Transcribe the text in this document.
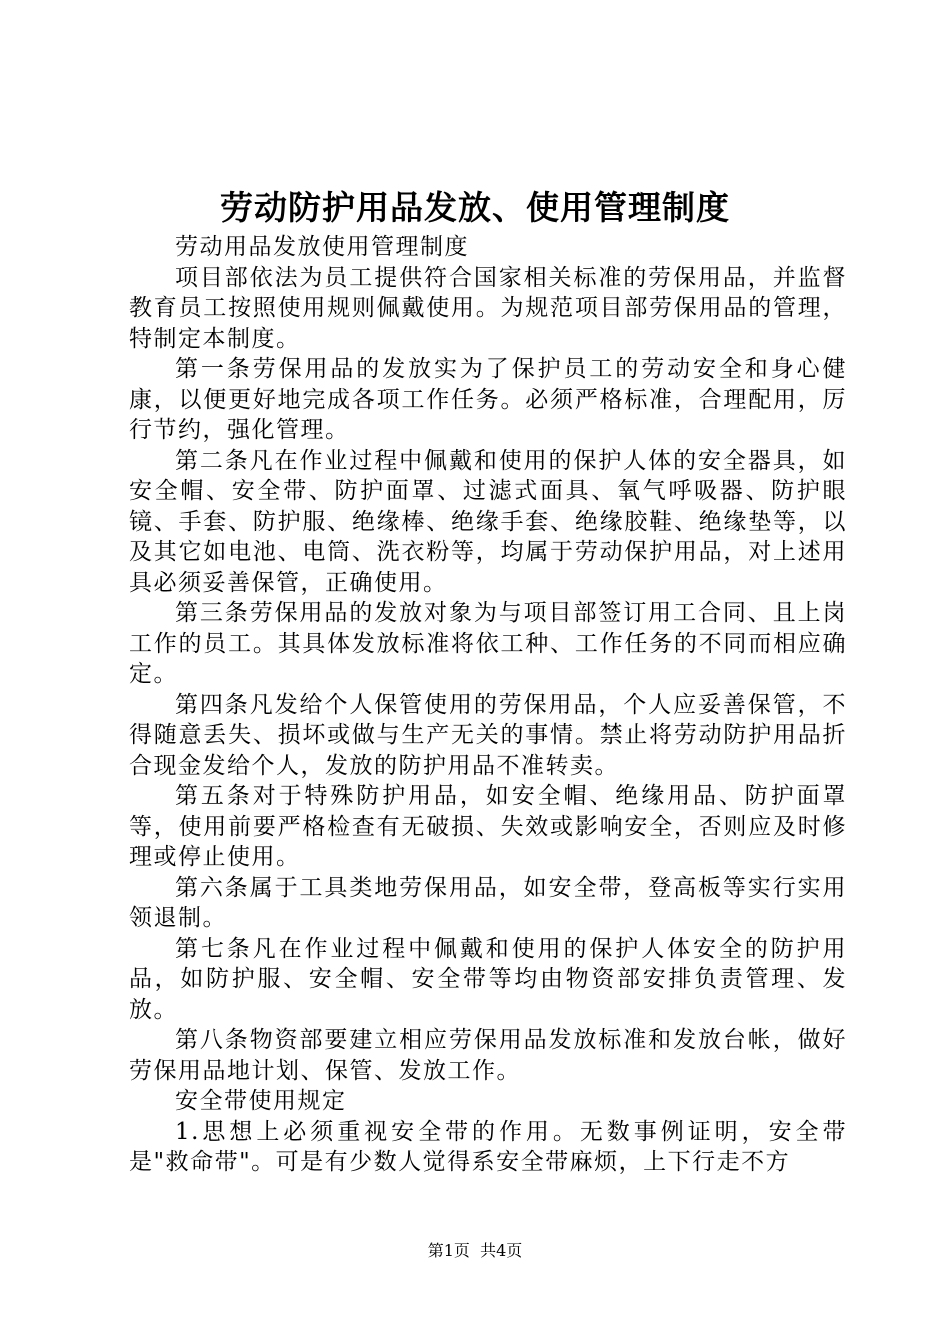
劳动防护用品发放、使用管理制度

劳动用品发放使用管理制度

项目部依法为员工提供符合国家相关标准的劳保用品，并监督教育员工按照使用规则佩戴使用。为规范项目部劳保用品的管理，特制定本制度。

第一条劳保用品的发放实为了保护员工的劳动安全和身心健康，以便更好地完成各项工作任务。必须严格标准，合理配用，厉行节约，强化管理。

第二条凡在作业过程中佩戴和使用的保护人体的安全器具，如安全帽、安全带、防护面罩、过滤式面具、氧气呼吸器、防护眼镜、手套、防护服、绝缘棒、绝缘手套、绝缘胶鞋、绝缘垫等，以及其它如电池、电筒、洗衣粉等，均属于劳动保护用品，对上述用具必须妥善保管，正确使用。

第三条劳保用品的发放对象为与项目部签订用工合同、且上岗工作的员工。其具体发放标准将依工种、工作任务的不同而相应确定。

第四条凡发给个人保管使用的劳保用品，个人应妥善保管，不得随意丢失、损坏或做与生产无关的事情。禁止将劳动防护用品折合现金发给个人，发放的防护用品不准转卖。

第五条对于特殊防护用品，如安全帽、绝缘用品、防护面罩等，使用前要严格检查有无破损、失效或影响安全，否则应及时修理或停止使用。

第六条属于工具类地劳保用品，如安全带，登高板等实行实用领退制。

第七条凡在作业过程中佩戴和使用的保护人体安全的防护用品，如防护服、安全帽、安全带等均由物资部安排负责管理、发放。

第八条物资部要建立相应劳保用品发放标准和发放台帐，做好劳保用品地计划、保管、发放工作。

安全带使用规定

1.思想上必须重视安全带的作用。无数事例证明，安全带是"救命带"。可是有少数人觉得系安全带麻烦，上下行走不方

第1页  共4页
